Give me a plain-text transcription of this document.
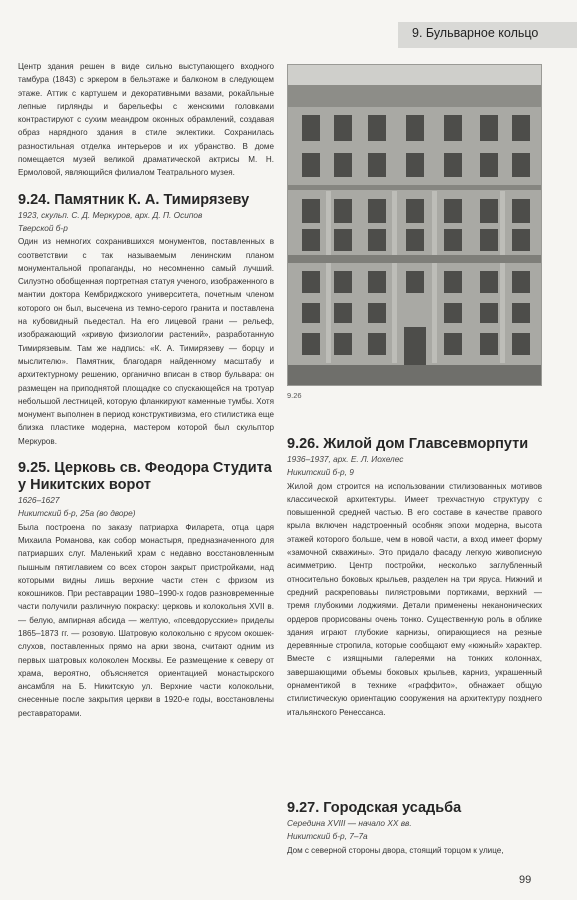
9. Бульварное кольцо

Центр здания решен в виде сильно выступающего входного тамбура (1843) с эркером в бельэтаже и балконом в следующем этаже. Аттик с картушем и декоративными вазами, рокайльные лепные гирлянды и барельефы с женскими головками контрастируют с сухим меандром оконных обрамлений, создавая образ нарядного здания в стиле эклектики. Сохранилась разностильная отделка интерьеров и их убранство. В доме помещается музей великой драматической актрисы М. Н. Ермоловой, являющийся филиалом Театрального музея.

9.24. Памятник К. А. Тимирязеву

1923, скульп. С. Д. Меркуров, арх. Д. П. Осипов

Тверской б-р

Один из немногих сохранившихся монументов, поставленных в соответствии с так называемым ленинским планом монументальной пропаганды, но несомненно самый лучший. Силуэтно обобщенная портретная статуя ученого, изображенного в мантии доктора Кембриджского университета, почетным членом которого он был, высечена из темно-серого гранита и поставлена на кубовидный пьедестал. На его лицевой грани — рельеф, изображающий «кривую физиологии растений», разработанную Тимирязевым. Там же надпись: «К. А. Тимирязеву — борцу и мыслителю». Памятник, благодаря найденному масштабу и архитектурному решению, органично вписан в створ бульвара: он размещен на приподнятой площадке со спускающейся на тротуар небольшой лестницей, которую фланкируют каменные тумбы. Хотя монумент выполнен в период конструктивизма, его стилистика еще близка пластике модерна, мастером которой был скульптор Меркуров.

9.25. Церковь св. Феодора Студита у Никитских ворот

1626–1627

Никитский б-р, 25а (во дворе)

Была построена по заказу патриарха Филарета, отца царя Михаила Романова, как собор монастыря, предназначенного для патриарших слуг. Маленький храм с недавно восстановленным пышным пятиглавием со всех сторон закрыт пристройками, над которыми видны лишь верхние части стен с фризом из кокошников. При реставрации 1980–1990-х годов разновременные части получили различную покраску: церковь и колокольня XVII в. — белую, ампирная абсида — желтую, «псевдорусские» приделы 1865–1873 гг. — розовую. Шатровую колокольню с ярусом окошек-слухов, поставленных прямо на арки звона, считают одним из первых шатровых колоколен Москвы. Ее размещение к северу от храма, вероятно, объясняется ориентацией монастырского ансамбля на Б. Никитскую ул. Верхние части колокольни, снесенные после закрытия церкви в 1920-е годы, восстановлены реставраторами.

9.26
9.26. Жилой дом Главсевморпути

1936–1937, арх. Е. Л. Иохелес

Никитский б-р, 9

Жилой дом строится на использовании стилизованных мотивов классической архитектуры. Имеет трехчастную структуру с повышенной средней частью. В его составе в качестве правого крыла включен надстроенный особняк эпохи модерна, высота этажей которого больше, чем в новой части, а вход имеет форму «замочной скважины». Это придало фасаду легкую живописную асимметрию. Центр постройки, несколько заглубленный относительно боковых крыльев, разделен на три яруса. Нижний и средний раскреповаьы пилястровыми портиками, верхний — тремя глубокими лоджиями. Детали применены неканонических ордеров прорисованы очень тонко. Существенную роль в облике здания играют глубокие карнизы, опирающиеся на резные деревянные стропила, которые сообщают ему «южный» характер. Вместе с изящными галереями на тонких колоннах, завершающими объемы боковых крыльев, карниз, украшенный орнаментикой в технике «граффито», обнажает общую стилистическую ориентацию сооружения на архитектуру позднего итальянского Ренессанса.

9.27. Городская усадьба

Середина XVIII — начало XX вв.

Никитский б-р, 7–7а

Дом с северной стороны двора, стоящий торцом к улице,

99
